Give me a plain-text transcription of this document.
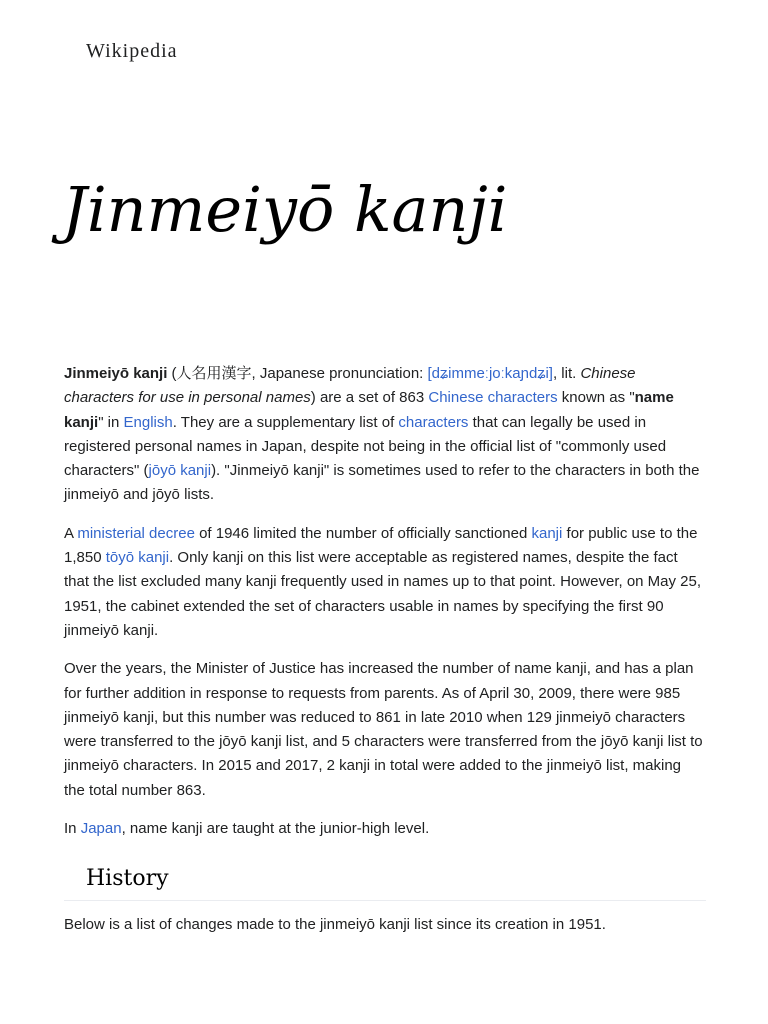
Wikipedia
Jinmeiyō kanji

Jinmeiyō kanji (人名用漢字, Japanese pronunciation: [dʑimmeːjoːkaɲdʑi], lit. Chinese characters for use in personal names) are a set of 863 Chinese characters known as "name kanji" in English. They are a supplementary list of characters that can legally be used in registered personal names in Japan, despite not being in the official list of "commonly used characters" (jōyō kanji). "Jinmeiyō kanji" is sometimes used to refer to the characters in both the jinmeiyō and jōyō lists.

A ministerial decree of 1946 limited the number of officially sanctioned kanji for public use to the 1,850 tōyō kanji. Only kanji on this list were acceptable as registered names, despite the fact that the list excluded many kanji frequently used in names up to that point. However, on May 25, 1951, the cabinet extended the set of characters usable in names by specifying the first 90 jinmeiyō kanji.

Over the years, the Minister of Justice has increased the number of name kanji, and has a plan for further addition in response to requests from parents. As of April 30, 2009, there were 985 jinmeiyō kanji, but this number was reduced to 861 in late 2010 when 129 jinmeiyō characters were transferred to the jōyō kanji list, and 5 characters were transferred from the jōyō kanji list to jinmeiyō characters. In 2015 and 2017, 2 kanji in total were added to the jinmeiyō list, making the total number 863.

In Japan, name kanji are taught at the junior-high level.

History

Below is a list of changes made to the jinmeiyō kanji list since its creation in 1951.
